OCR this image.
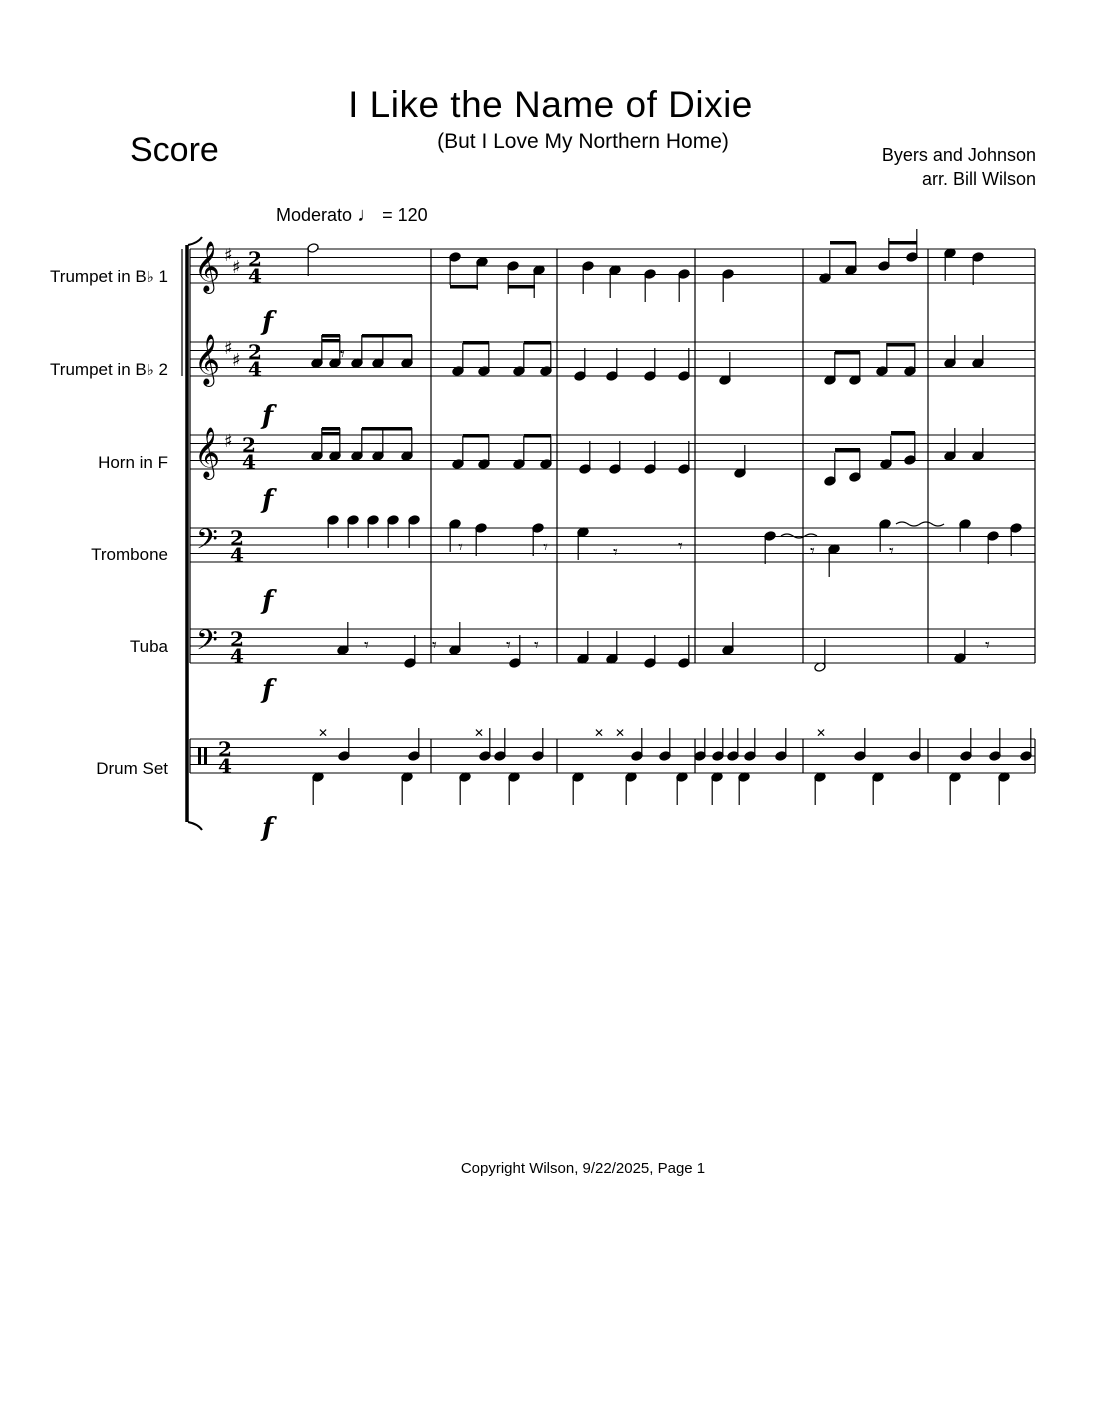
Score
I Like the Name of Dixie
(But I Love My Northern Home)
Byers and Johnson
arr. Bill Wilson
Moderato ♩ = 120
Trumpet in B♭ 1
Trumpet in B♭ 2
Horn in F
Trombone
Tuba
Drum Set
𝄞
𝄞
𝄞
𝄢
𝄢
♯
♯
♯
♯
♯
2
4
2
4
2
4
2
4
2
4
2
4
f
f
f
f
f
f
𝄾
𝄾	𝄾	𝄾	𝄾	𝄾	𝄾
𝄾	𝄾	𝄾 𝄾	𝄾
✕	✕	✕ ✕	✕
Copyright Wilson, 9/22/2025, Page 1
